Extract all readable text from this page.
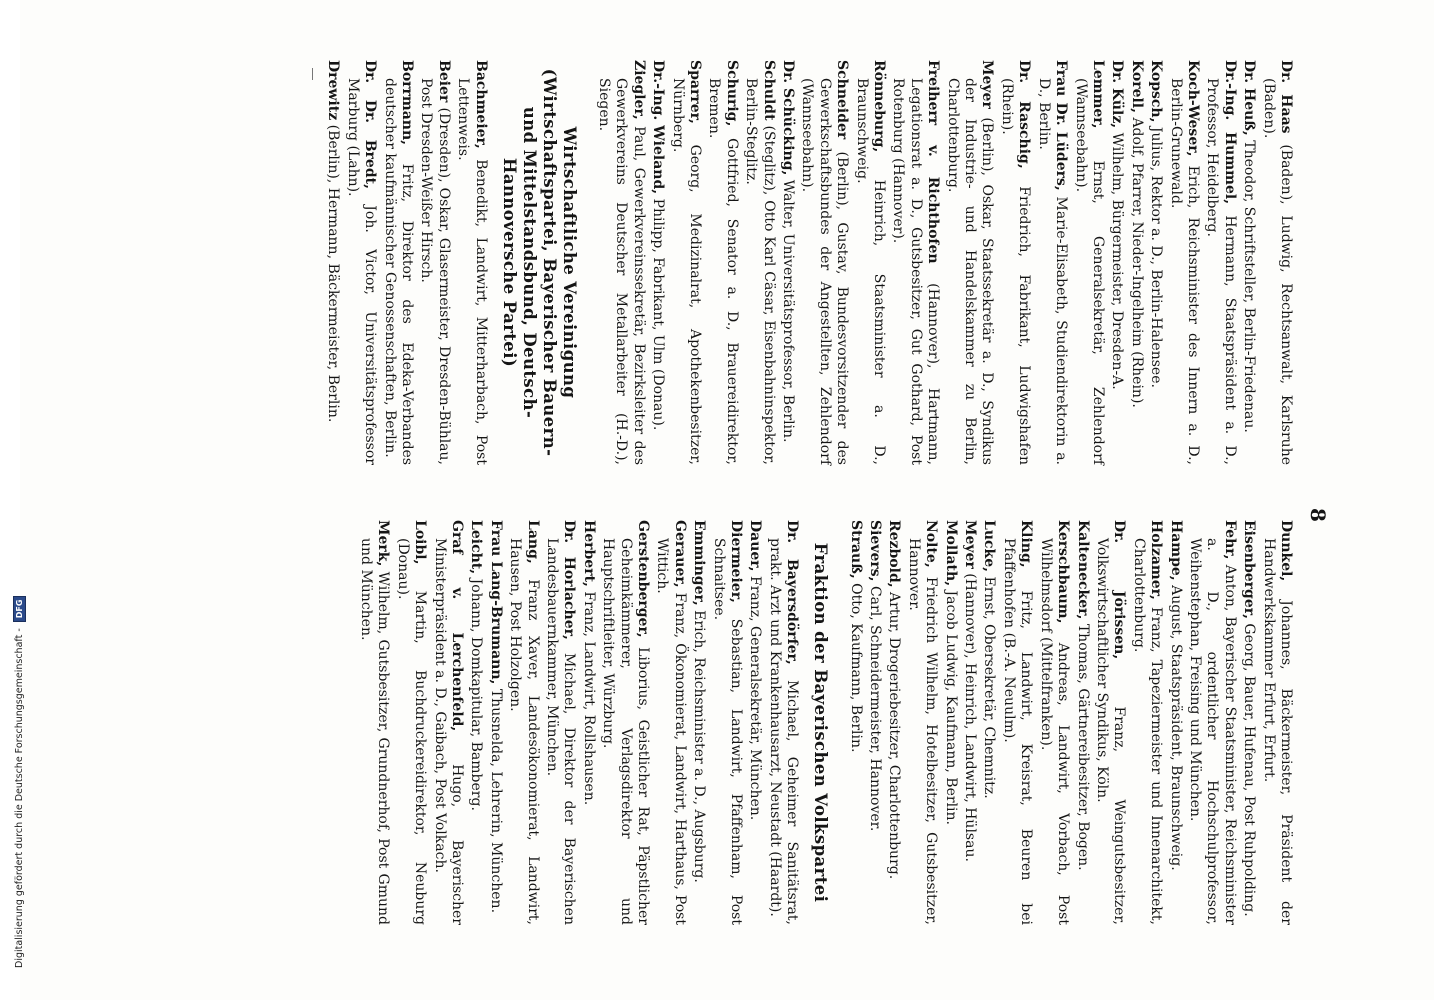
8

Dr. Haas (Baden), Ludwig, Rechtsanwalt, Karlsruhe (Baden).

Dr. Heuß, Theodor, Schriftsteller, Berlin-Friedenau.

Dr.-Ing. Hummel, Hermann, Staatspräsident a. D., Professor, Heidelberg.

Koch-Weser, Erich, Reichsminister des Innern a. D., Berlin-Grunewald.

Kopsch, Julius, Rektor a. D., Berlin-Halensee.

Korell, Adolf, Pfarrer, Nieder-Ingelheim (Rhein).

Dr. Külz, Wilhelm, Bürgermeister, Dresden-A.

Lemmer, Ernst, Generalsekretär, Zehlendorf (Wannseebahn).

Frau Dr. Lüders, Marie-Elisabeth, Studiendirektorin a. D., Berlin.

Dr. Raschig, Friedrich, Fabrikant, Ludwigshafen (Rhein).

Meyer (Berlin), Oskar, Staatssekretär a. D., Syndikus der Industrie- und Handelskammer zu Berlin, Charlottenburg.

Freiherr v. Richthofen (Hannover), Hartmann, Legationsrat a. D., Gutsbesitzer, Gut Gothard, Post Rotenburg (Hannover).

Rönneburg, Heinrich, Staatsminister a. D., Braunschweig.

Schneider (Berlin), Gustav, Bundesvorsitzender des Gewerkschaftsbundes der Angestellten, Zehlendorf (Wannseebahn).

Dr. Schücking, Walter, Universitätsprofessor, Berlin.

Schuldt (Steglitz), Otto Karl Cäsar, Eisenbahninspektor, Berlin-Steglitz.

Schurig, Gottfried, Senator a. D., Brauereidirektor, Bremen.

Sparrer, Georg, Medizinalrat, Apothekenbesitzer, Nürnberg.

Dr.-Ing. Wieland, Philipp, Fabrikant, Ulm (Donau).

Ziegler, Paul, Gewerkvereinssekretär, Bezirksleiter des Gewerkvereins Deutscher Metallarbeiter (H.-D.), Siegen.

Wirtschaftliche Vereinigung (Wirtschaftspartei, Bayerischer Bauern- und Mittelstandsbund, Deutsch-Hannoversche Partei)

Bachmeier, Benedikt, Landwirt, Mitterharbach, Post Lettenweis.

Beier (Dresden), Oskar, Glasermeister, Dresden-Bühlau, Post Dresden-Weißer Hirsch.

Borrmann, Fritz, Direktor des Edeka-Verbandes deutscher kaufmännischer Genossenschaften, Berlin.

Dr. Dr. Bredt, Joh. Victor, Universitätsprofessor Marburg (Lahn).

Drewitz (Berlin), Hermann, Bäckermeister, Berlin.

Dunkel, Johannes, Bäckermeister, Präsident der Handwerkskammer Erfurt, Erfurt.

Eisenberger, Georg, Bauer, Hufenau, Post Ruhpolding.

Fehr, Anton, Bayerischer Staatsminister, Reichsminister a. D., ordentlicher Hochschulprofessor, Weihenstephan, Freising und München.

Hampe, August, Staatspräsident, Braunschweig.

Holzamer, Franz, Tapeziermeister und Innenarchitekt, Charlottenburg.

Dr. Jörissen, Franz, Weingutsbesitzer, Volkswirtschaftlicher Syndikus, Köln.

Kaltenecker, Thomas, Gärtnereibesitzer, Bogen.

Kerschbaum, Andreas, Landwirt, Vorbach, Post Wilhelmsdorf (Mittelfranken).

Kling, Fritz, Landwirt, Kreisrat, Beuren bei Pfaffenhofen (B.-A. Neuulm).

Lucke, Ernst, Obersekretär, Chemnitz.

Meyer (Hannover), Heinrich, Landwirt, Hülsau.

Mollath, Jacob Ludwig, Kaufmann, Berlin.

Nolte, Friedrich Wilhelm, Hotelbesitzer, Gutsbesitzer, Hannover.

Rezbold, Artur, Drogeriebesitzer, Charlottenburg.

Sievers, Carl, Schneidermeister, Hannover.

Strauß, Otto, Kaufmann, Berlin.

Fraktion der Bayerischen Volkspartei

Dr. Bayersdörfer, Michael, Geheimer Sanitätsrat, prakt. Arzt und Krankenhausarzt, Neustadt (Haardt).

Dauer, Franz, Generalsekretär, München.

Diermeier, Sebastian, Landwirt, Pfaffenham, Post Schnaitsee.

Emminger, Erich, Reichsminister a. D., Augsburg.

Gerauer, Franz, Ökonomierat, Landwirt, Harthaus, Post Wittich.

Gerstenberger, Liborius, Geistlicher Rat, Päpstlicher Geheimkämmerer, Verlagsdirektor und Hauptschriftleiter, Würzburg.

Herbert, Franz, Landwirt, Rollshausen.

Dr. Horlacher, Michael, Direktor der Bayerischen Landesbauernkammer, München.

Lang, Franz Xaver, Landesökonomierat, Landwirt, Hausen, Post Holzolgen.

Frau Lang-Brumann, Thusnelda, Lehrerin, München.

Leicht, Johann, Domkapitular, Bamberg.

Graf v. Lerchenfeld, Hugo, Bayerischer Ministerpräsident a. D., Gaibach, Post Volkach.

Loibl, Martin, Buchdruckereidirektor, Neuburg (Donau).

Merk, Wilhelm, Gutsbesitzer, Grundnerhof, Post Gmund und München.

Digitalisierung gefördert durch die Deutsche Forschungsgemeinschaft -
DFG
